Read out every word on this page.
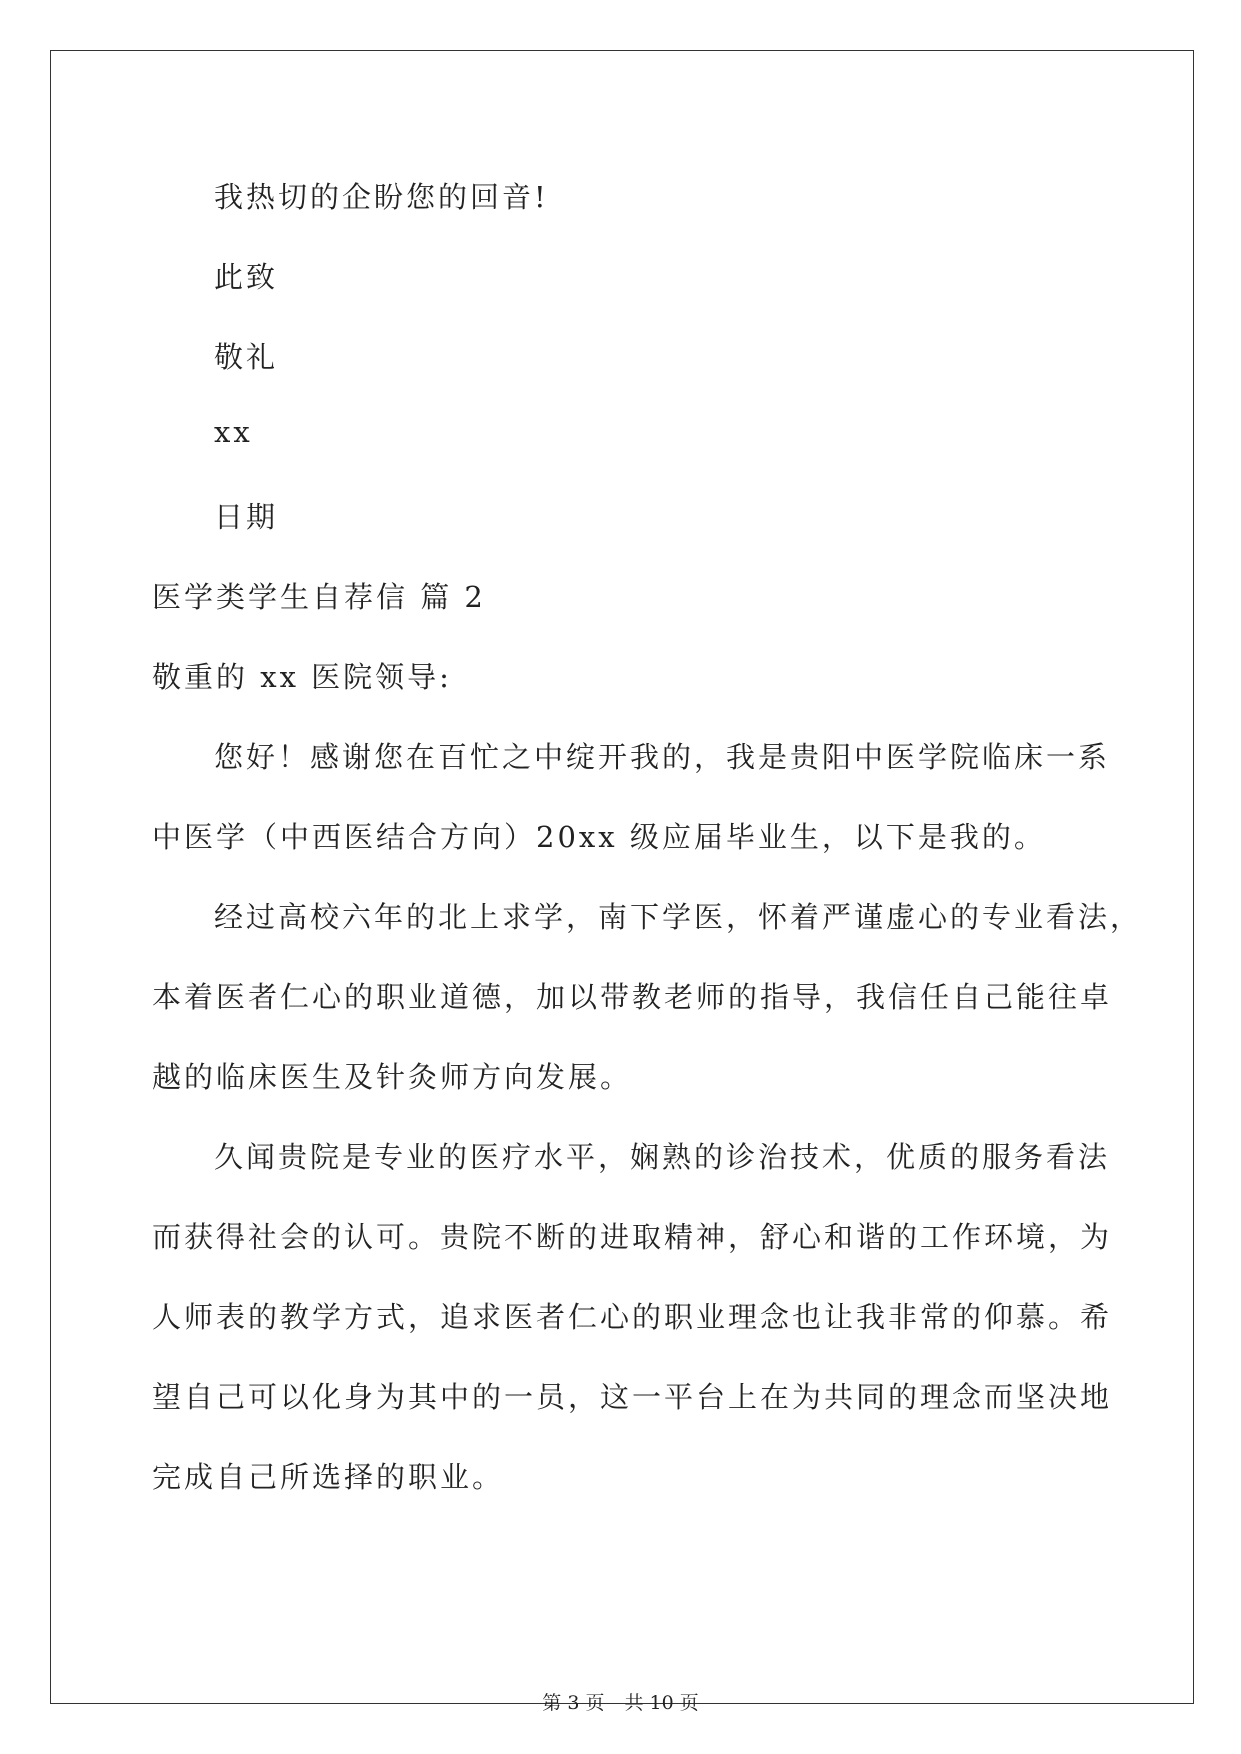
我热切的企盼您的回音!

此致

敬礼

xx

日期

医学类学生自荐信 篇 2

敬重的 xx 医院领导:

您好！感谢您在百忙之中绽开我的，我是贵阳中医学院临床一系

中医学（中西医结合方向）20xx 级应届毕业生，以下是我的。

经过高校六年的北上求学，南下学医，怀着严谨虚心的专业看法，

本着医者仁心的职业道德，加以带教老师的指导，我信任自己能往卓

越的临床医生及针灸师方向发展。

久闻贵院是专业的医疗水平，娴熟的诊治技术，优质的服务看法

而获得社会的认可。贵院不断的进取精神，舒心和谐的工作环境，为

人师表的教学方式，追求医者仁心的职业理念也让我非常的仰慕。希

望自己可以化身为其中的一员，这一平台上在为共同的理念而坚决地

完成自己所选择的职业。

第 3 页 共 10 页
